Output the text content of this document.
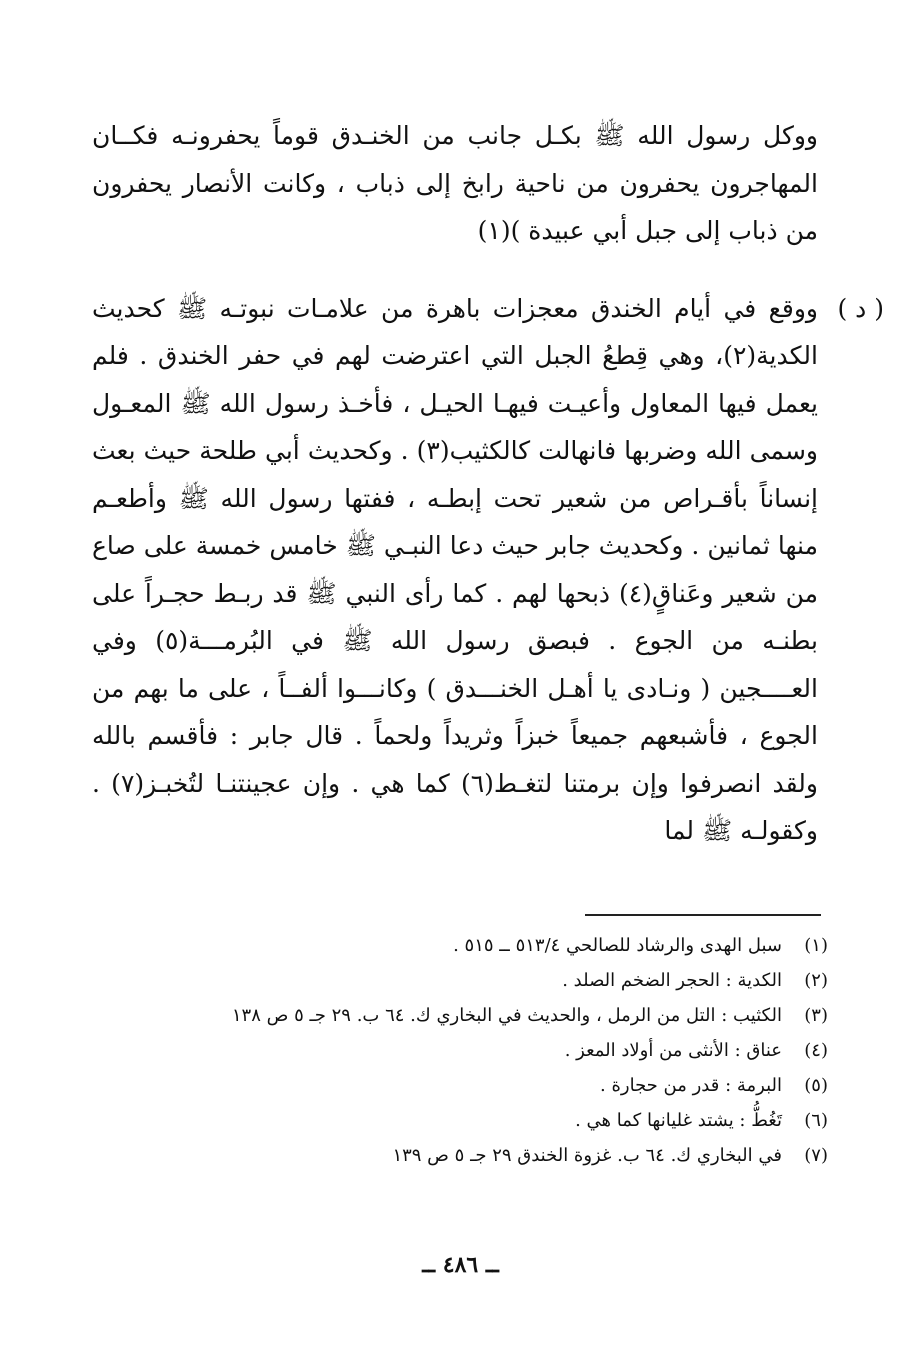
ووكل رسول الله ﷺ بكـل جانب من الخنـدق قوماً يحفرونـه فكــان المهاجرون يحفرون من ناحية رابخ إلى ذباب ، وكانت الأنصار يحفرون من ذباب إلى جبل أبي عبيدة )(١)

( د )

ووقع في أيام الخندق معجزات باهرة من علامـات نبوتـه ﷺ كحديث الكدية(٢)، وهي قِطعُ الجبل التي اعترضت لهم في حفر الخندق . فلم يعمل فيها المعاول وأعيـت فيهـا الحيـل ، فأخـذ رسول الله ﷺ المعـول وسمى الله وضربها فانهالت كالكثيب(٣) . وكحديث أبي طلحة حيث بعث إنساناً بأقـراص من شعير تحت إبطـه ، ففتها رسول الله ﷺ وأطعـم منها ثمانين . وكحديث جابر حيث دعا النبـي ﷺ خامس خمسة على صاع من شعير وعَناقٍ(٤) ذبحها لهم . كما رأى النبي ﷺ قد ربـط حجـراً على بطنـه من الجوع . فبصق رسول الله ﷺ في البُرمـــة(٥) وفي العــــجين ( ونـادى يا أهـل الخنـــدق ) وكانـــوا ألفــاً ، على ما بهم من الجوع ، فأشبعهم جميعاً خبزاً وثريداً ولحماً . قال جابر : فأقسم بالله ولقد انصرفوا وإن برمتنا لتغـط(٦) كما هي . وإن عجينتنـا لتُخبـز(٧) . وكقولـه ﷺ لما

(١)
سبل الهدى والرشاد للصالحي ٥١٣/٤ ــ ٥١٥ .
(٢)
الكدية : الحجر الضخم الصلد .
(٣)
الكثيب : التل من الرمل ، والحديث في البخاري ك. ٦٤ ب. ٢٩ جـ ٥ ص ١٣٨
(٤)
عناق : الأنثى من أولاد المعز .
(٥)
البرمة : قدر من حجارة .
(٦)
تَغُطُّ : يشتد غليانها كما هي .
(٧)
في البخاري ك. ٦٤ ب. غزوة الخندق ٢٩ جـ ٥ ص ١٣٩
ــ ٤٨٦ ــ
